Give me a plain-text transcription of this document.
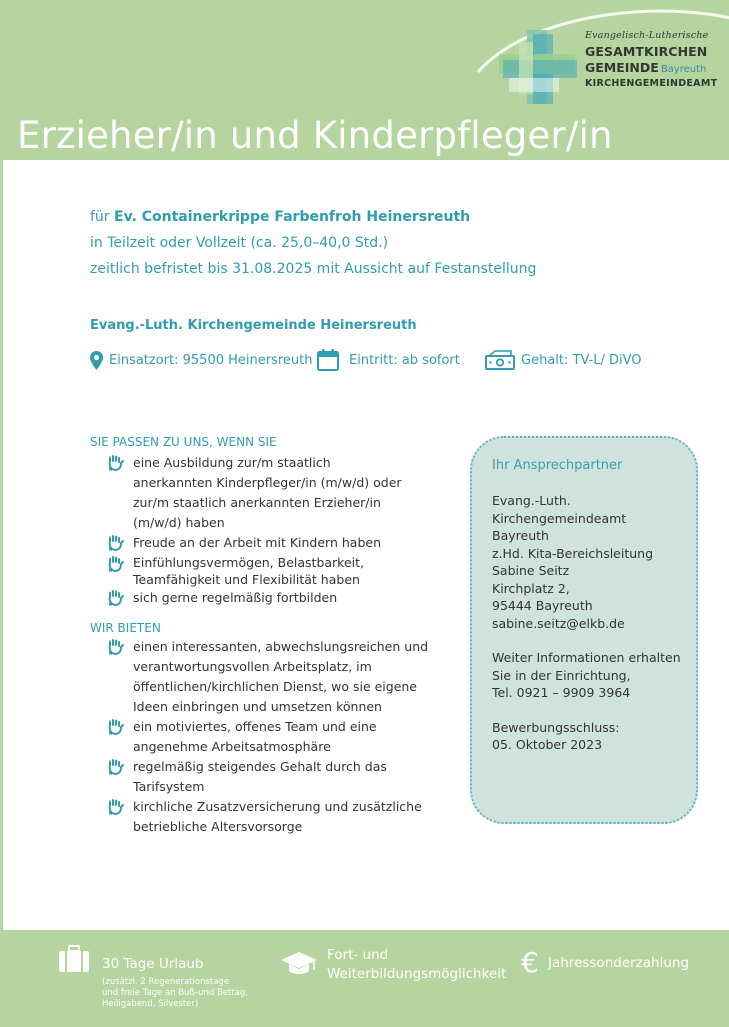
Evangelisch-Lutherische
GESAMTKIRCHEN
GEMEINDE Bayreuth
KIRCHENGEMEINDEAMT
Erzieher/in und Kinderpfleger/in
für Ev. Containerkrippe Farbenfroh Heinersreuth
in Teilzeit oder Vollzeit (ca. 25,0–40,0 Std.)
zeitlich befristet bis 31.08.2025 mit Aussicht auf Festanstellung
Evang.-Luth. Kirchengemeinde Heinersreuth
Einsatzort: 95500 Heinersreuth	Eintritt: ab sofort	Gehalt: TV-L/ DiVO
SIE PASSEN ZU UNS, WENN SIE
eine Ausbildung zur/m staatlich anerkannten Kinderpfleger/in (m/w/d) oder zur/m staatlich anerkannten Erzieher/in (m/w/d) haben
Freude an der Arbeit mit Kindern haben
Einfühlungsvermögen, Belastbarkeit, Teamfähigkeit und Flexibilität haben
sich gerne regelmäßig fortbilden
WIR BIETEN
einen interessanten, abwechslungsreichen und verantwortungsvollen Arbeitsplatz, im öffentlichen/kirchlichen Dienst, wo sie eigene Ideen einbringen und umsetzen können
ein motiviertes, offenes Team und eine angenehme Arbeitsatmosphäre
regelmäßig steigendes Gehalt durch das Tarifsystem
kirchliche Zusatzversicherung und zusätzliche betriebliche Altersvorsorge
Ihr Ansprechpartner
Evang.-Luth.
Kirchengemeindeamt
Bayreuth
z.Hd. Kita-Bereichsleitung
Sabine Seitz
Kirchplatz 2,
95444 Bayreuth
sabine.seitz@elkb.de
Weiter Informationen erhalten
Sie in der Einrichtung,
Tel. 0921 – 9909 3964
Bewerbungsschluss:
05. Oktober 2023
30 Tage Urlaub
(zusätzl. 2 Regenerationstage
und freie Tage an Buß-und Bettag,
Heiligabend, Silvester)
Fort- und
Weiterbildungsmöglichkeit € Jahressonderzahlung
